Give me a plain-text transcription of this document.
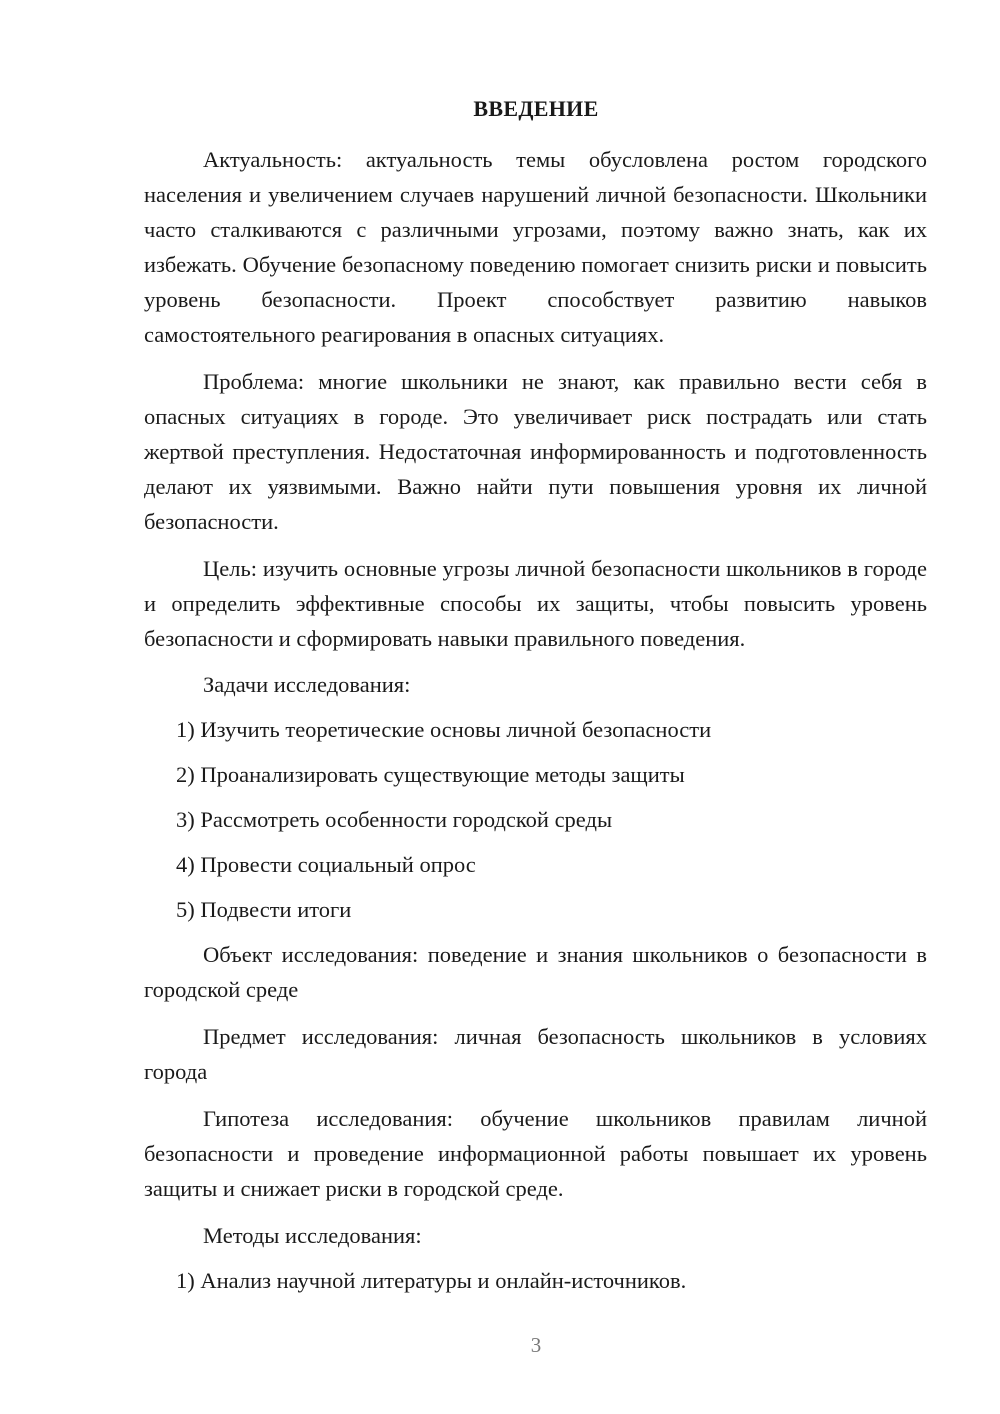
ВВЕДЕНИЕ

Актуальность: актуальность темы обусловлена ростом городского населения и увеличением случаев нарушений личной безопасности. Школьники часто сталкиваются с различными угрозами, поэтому важно знать, как их избежать. Обучение безопасному поведению помогает снизить риски и повысить уровень безопасности. Проект способствует развитию навыков самостоятельного реагирования в опасных ситуациях.

Проблема: многие школьники не знают, как правильно вести себя в опасных ситуациях в городе. Это увеличивает риск пострадать или стать жертвой преступления. Недостаточная информированность и подготовленность делают их уязвимыми. Важно найти пути повышения уровня их личной безопасности.

Цель: изучить основные угрозы личной безопасности школьников в городе и определить эффективные способы их защиты, чтобы повысить уровень безопасности и сформировать навыки правильного поведения.

Задачи исследования:
1) Изучить теоретические основы личной безопасности
2) Проанализировать существующие методы защиты
3) Рассмотреть особенности городской среды
4) Провести социальный опрос
5) Подвести итоги

Объект исследования: поведение и знания школьников о безопасности в городской среде

Предмет исследования: личная безопасность школьников в условиях города

Гипотеза исследования: обучение школьников правилам личной безопасности и проведение информационной работы повышает их уровень защиты и снижает риски в городской среде.

Методы исследования:
1) Анализ научной литературы и онлайн-источников.
3
